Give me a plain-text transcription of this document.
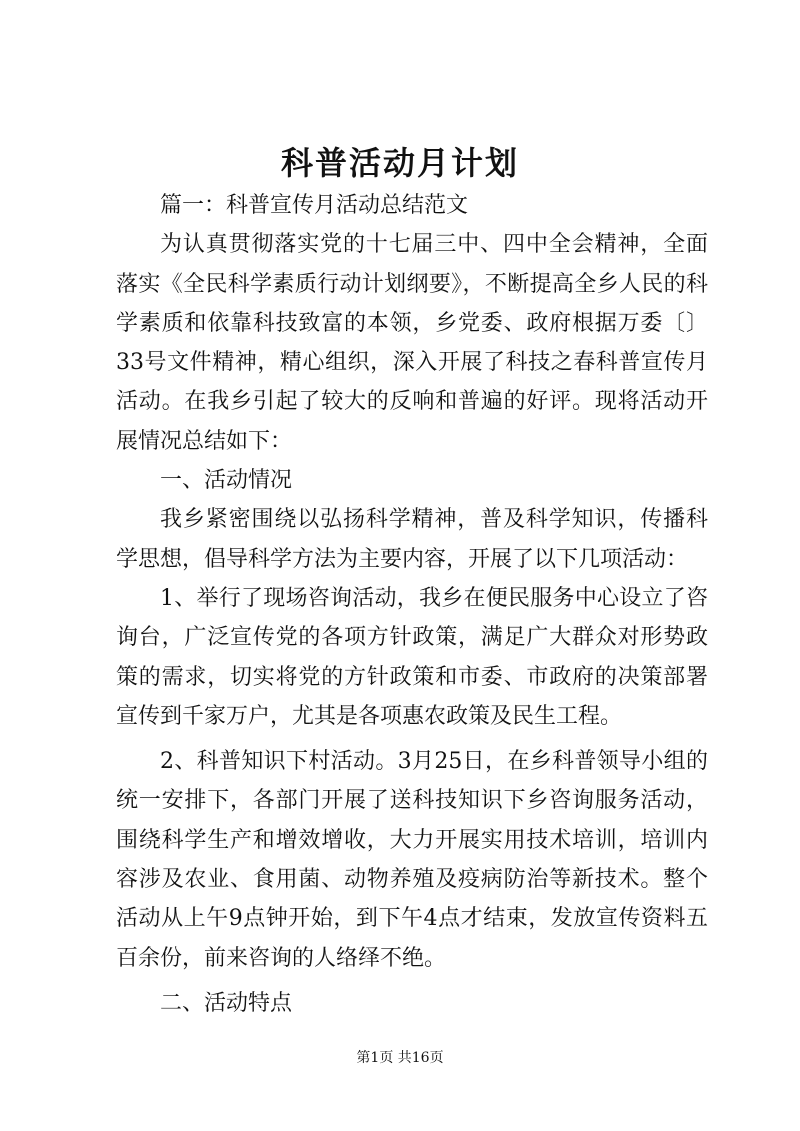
科普活动月计划

篇一：科普宣传月活动总结范文

为认真贯彻落实党的十七届三中、四中全会精神，全面落实《全民科学素质行动计划纲要》，不断提高全乡人民的科学素质和依靠科技致富的本领，乡党委、政府根据万委〔〕33号文件精神，精心组织，深入开展了科技之春科普宣传月活动。在我乡引起了较大的反响和普遍的好评。现将活动开展情况总结如下：

一、活动情况

我乡紧密围绕以弘扬科学精神，普及科学知识，传播科学思想，倡导科学方法为主要内容，开展了以下几项活动：

1、举行了现场咨询活动，我乡在便民服务中心设立了咨询台，广泛宣传党的各项方针政策，满足广大群众对形势政策的需求，切实将党的方针政策和市委、市政府的决策部署宣传到千家万户，尤其是各项惠农政策及民生工程。

2、科普知识下村活动。3月25日，在乡科普领导小组的统一安排下，各部门开展了送科技知识下乡咨询服务活动，围绕科学生产和增效增收，大力开展实用技术培训，培训内容涉及农业、食用菌、动物养殖及疫病防治等新技术。整个活动从上午9点钟开始，到下午4点才结束，发放宣传资料五百余份，前来咨询的人络绎不绝。

二、活动特点

第1页 共16页
